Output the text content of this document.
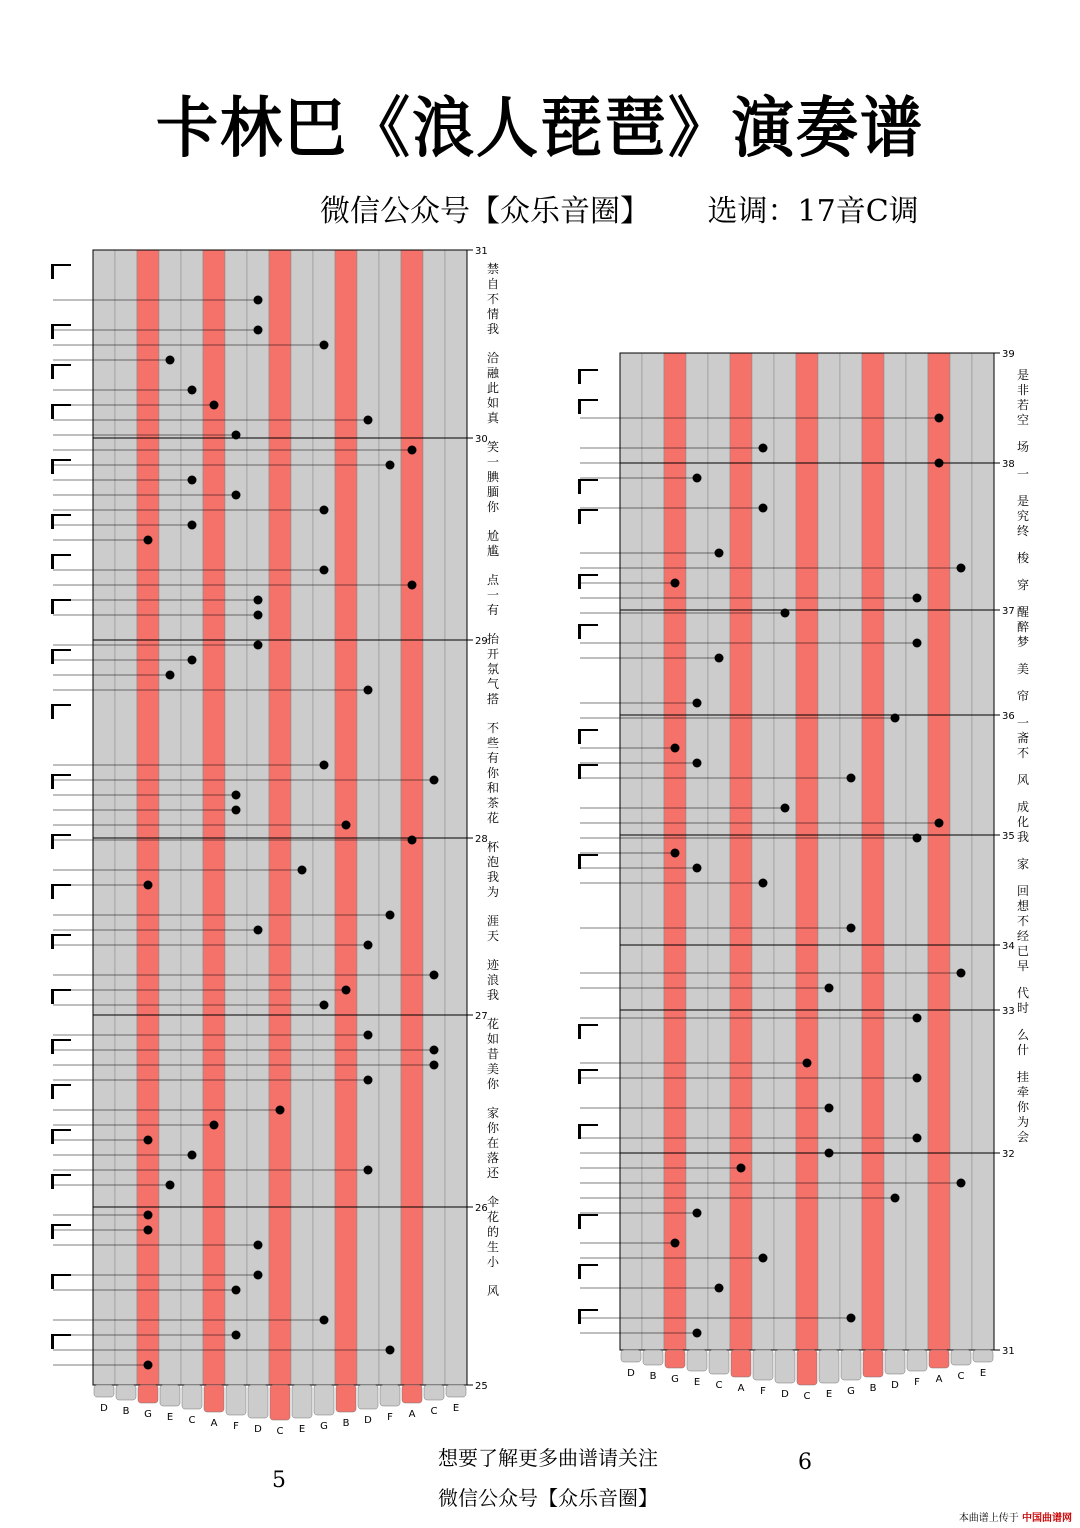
卡林巴《浪人琵琶》演奏谱
微信公众号【众乐音圈】 选调：17音C调
31
30
29
28
27
26
25
D B G E C A F D C E G B D F A C E
39
38
37
36
35
34
33
32
31
D B G E C A F D C E G B D F A C E
禁自不情我
洽融此如真
笑一腆腼你
尬尴
点一有
抬开氛气搭
不些有你和茶花
杯泡我为
涯天
迹浪我
花如昔美你
家你在落还
伞花的生小
风
是非若空
场
一
是究终
梭
穿
醒醉梦
美
帘
一斋不
风
成化我
家
回想不经已早
代时
么什
挂牵你为会
想要了解更多曲谱请关注
微信公众号【众乐音圈】
5
6
本曲谱上传于 中国曲谱网
